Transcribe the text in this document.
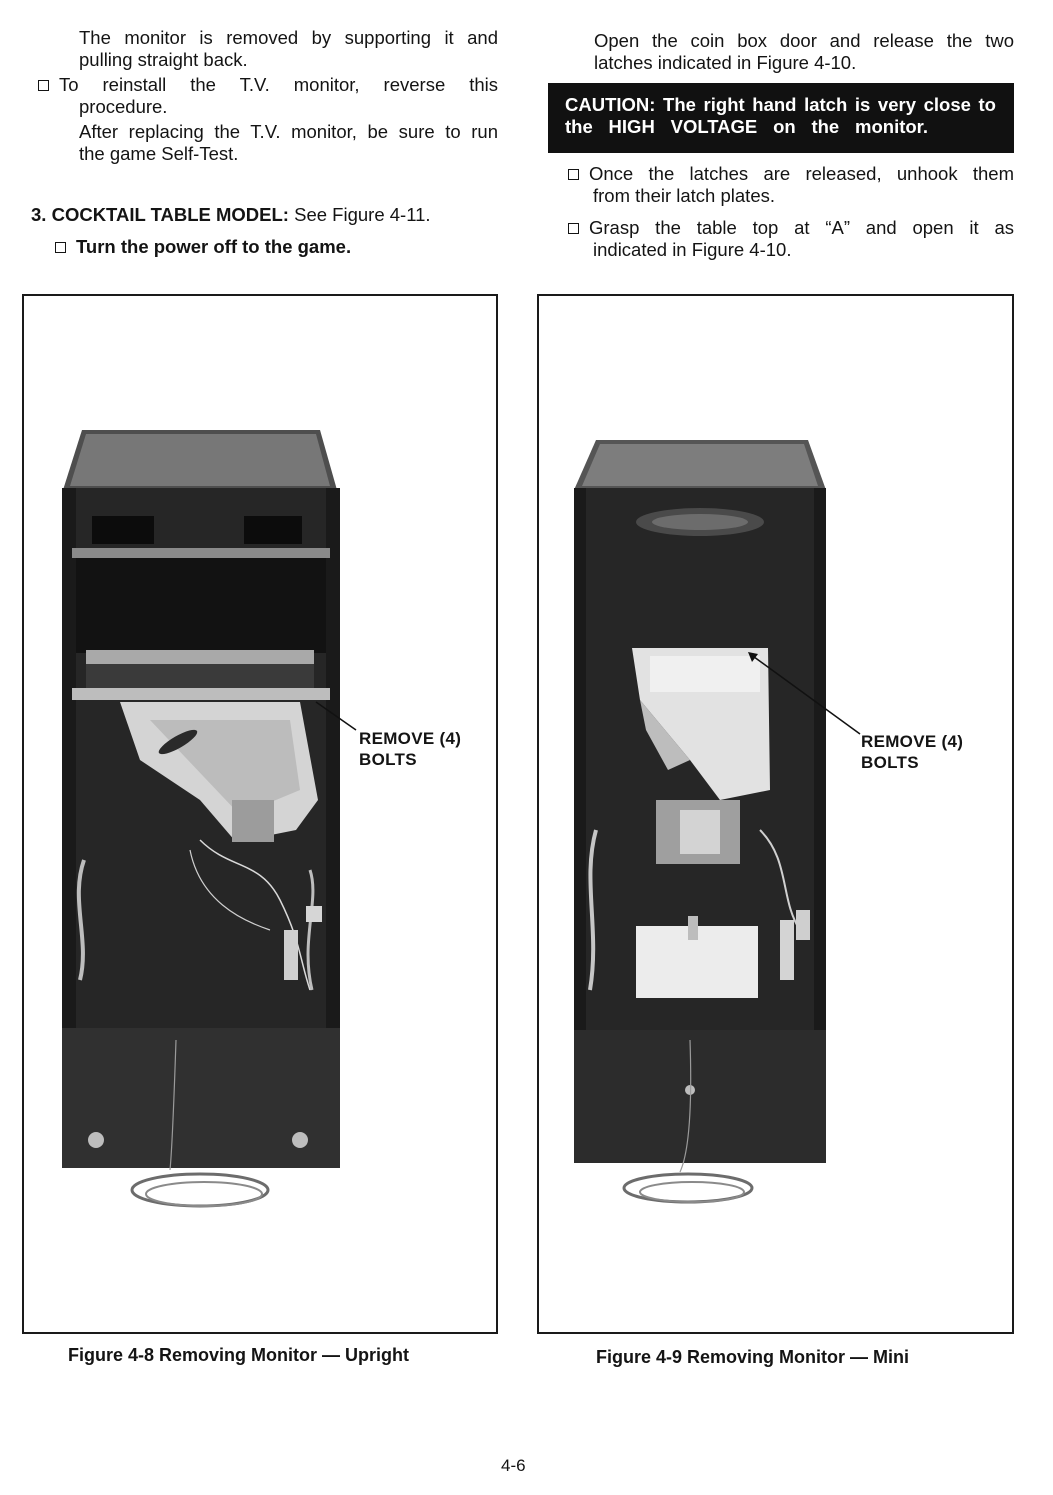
The monitor is removed by supporting it and

pulling straight back.

To reinstall the T.V. monitor, reverse this

procedure.

After replacing the T.V. monitor, be sure to run

the game Self-Test.

3. COCKTAIL TABLE MODEL: See Figure 4-11.
Turn the power off to the game.

Open the coin box door and release the two

latches indicated in Figure 4-10.

CAUTION: The right hand latch is very close to

the HIGH VOLTAGE on the monitor.

Once the latches are released, unhook them

from their latch plates.

Grasp the table top at “A” and open it as

indicated in Figure 4-10.

REMOVE (4)
BOLTS
Figure 4-8 Removing Monitor — Upright
REMOVE (4)
BOLTS
Figure 4-9 Removing Monitor — Mini
4-6
